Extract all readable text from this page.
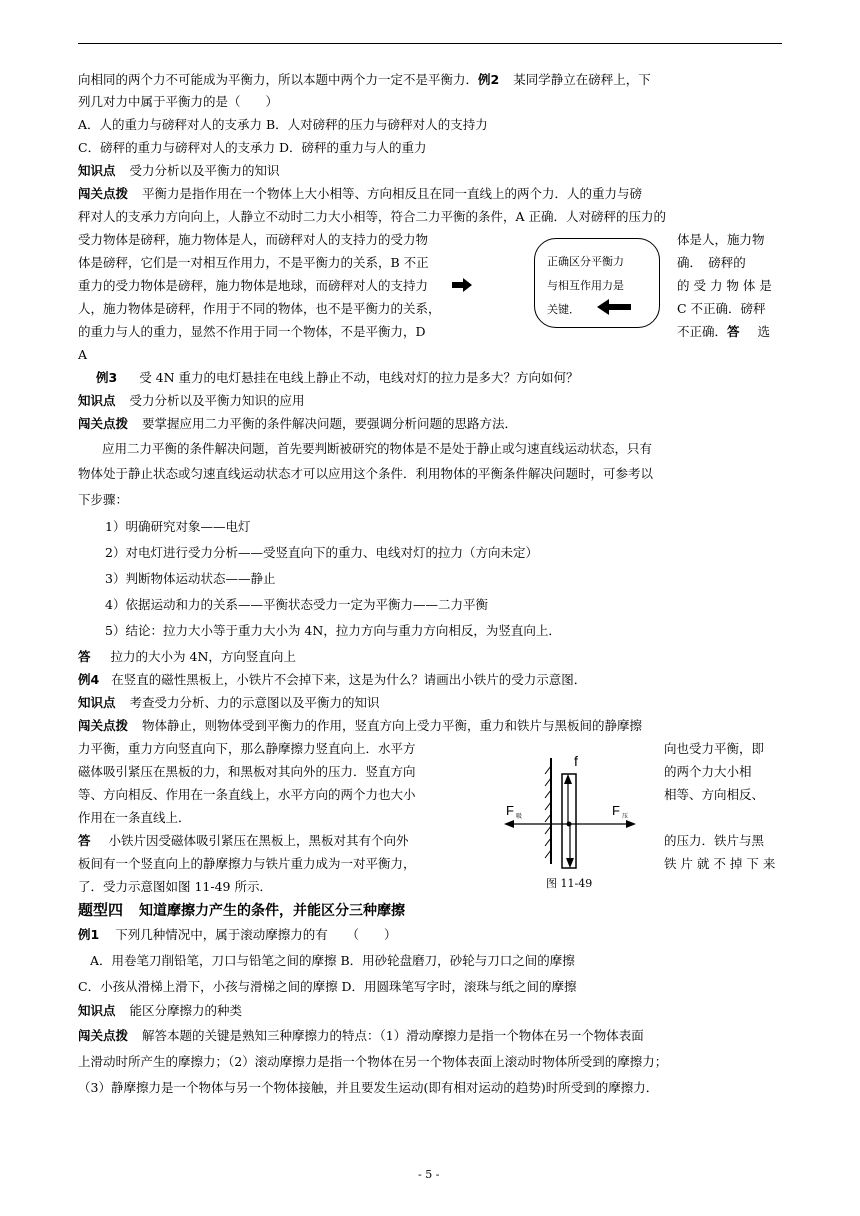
向相同的两个力不可能成为平衡力，所以本题中两个力一定不是平衡力．例2 某同学静立在磅秤上，下
列几对力中属于平衡力的是（　　）
A．人的重力与磅秤对人的支承力 B．人对磅秤的压力与磅秤对人的支持力
C．磅秤的重力与磅秤对人的支承力 D．磅秤的重力与人的重力
知识点 受力分析以及平衡力的知识
闯关点拨 平衡力是指作用在一个物体上大小相等、方向相反且在同一直线上的两个力．人的重力与磅
秤对人的支承力方向向上，人静立不动时二力大小相等，符合二力平衡的条件，A 正确．人对磅秤的压力的
受力物体是磅秤，施力物体是人，而磅秤对人的支持力的受力物	体是人，施力物
体是磅秤，它们是一对相互作用力，不是平衡力的关系，B 不正	确．　磅秤的
重力的受力物体是磅秤，施力物体是地球，而磅秤对人的支持力	的 受 力 物 体 是
人，施力物体是磅秤，作用于不同的物体，也不是平衡力的关系，	C 不正确．磅秤
的重力与人的重力，显然不作用于同一个物体，不是平衡力，D	不正确．答 选
A
正确区分平衡力
与相互作用力是
关键．
例3 受 4N 重力的电灯悬挂在电线上静止不动，电线对灯的拉力是多大？方向如何？
知识点 受力分析以及平衡力知识的应用
闯关点拨 要掌握应用二力平衡的条件解决问题，要强调分析问题的思路方法．
应用二力平衡的条件解决问题，首先要判断被研究的物体是不是处于静止或匀速直线运动状态，只有
物体处于静止状态或匀速直线运动状态才可以应用这个条件．利用物体的平衡条件解决问题时，可参考以
下步骤：
1）明确研究对象——电灯
2）对电灯进行受力分析——受竖直向下的重力、电线对灯的拉力（方向未定）
3）判断物体运动状态——静止
4）依据运动和力的关系——平衡状态受力一定为平衡力——二力平衡
5）结论：拉力大小等于重力大小为 4N，拉力方向与重力方向相反，为竖直向上．
答 拉力的大小为 4N，方向竖直向上
例4 在竖直的磁性黑板上，小铁片不会掉下来，这是为什么？请画出小铁片的受力示意图．
知识点 考查受力分析、力的示意图以及平衡力的知识
闯关点拨 物体静止，则物体受到平衡力的作用，竖直方向上受力平衡，重力和铁片与黑板间的静摩擦
力平衡，重力方向竖直向下，那么静摩擦力竖直向上．水平方	向也受力平衡，即
磁体吸引紧压在黑板的力，和黑板对其向外的压力．竖直方向	的两个力大小相
等、方向相反、作用在一条直线上，水平方向的两个力也大小	相等、方向相反、
作用在一条直线上．
答 小铁片因受磁体吸引紧压在黑板上，黑板对其有个向外	的压力．铁片与黑
板间有一个竖直向上的静摩擦力与铁片重力成为一对平衡力，	铁 片 就 不 掉 下 来
了．受力示意图如图 11-49 所示．
f
F 吸	F 压
图 11-49
题型四 知道摩擦力产生的条件，并能区分三种摩擦
例1 下列几种情况中，属于滚动摩擦力的有　　（　　）
A．用卷笔刀削铅笔，刀口与铅笔之间的摩擦 B．用砂轮盘磨刀，砂轮与刀口之间的摩擦
C．小孩从滑梯上滑下，小孩与滑梯之间的摩擦 D．用圆珠笔写字时，滚珠与纸之间的摩擦
知识点 能区分摩擦力的种类
闯关点拨 解答本题的关键是熟知三种摩擦力的特点：（1）滑动摩擦力是指一个物体在另一个物体表面
上滑动时所产生的摩擦力；（2）滚动摩擦力是指一个物体在另一个物体表面上滚动时物体所受到的摩擦力；
（3）静摩擦力是一个物体与另一个物体接触，并且要发生运动(即有相对运动的趋势)时所受到的摩擦力．
- 5 -
